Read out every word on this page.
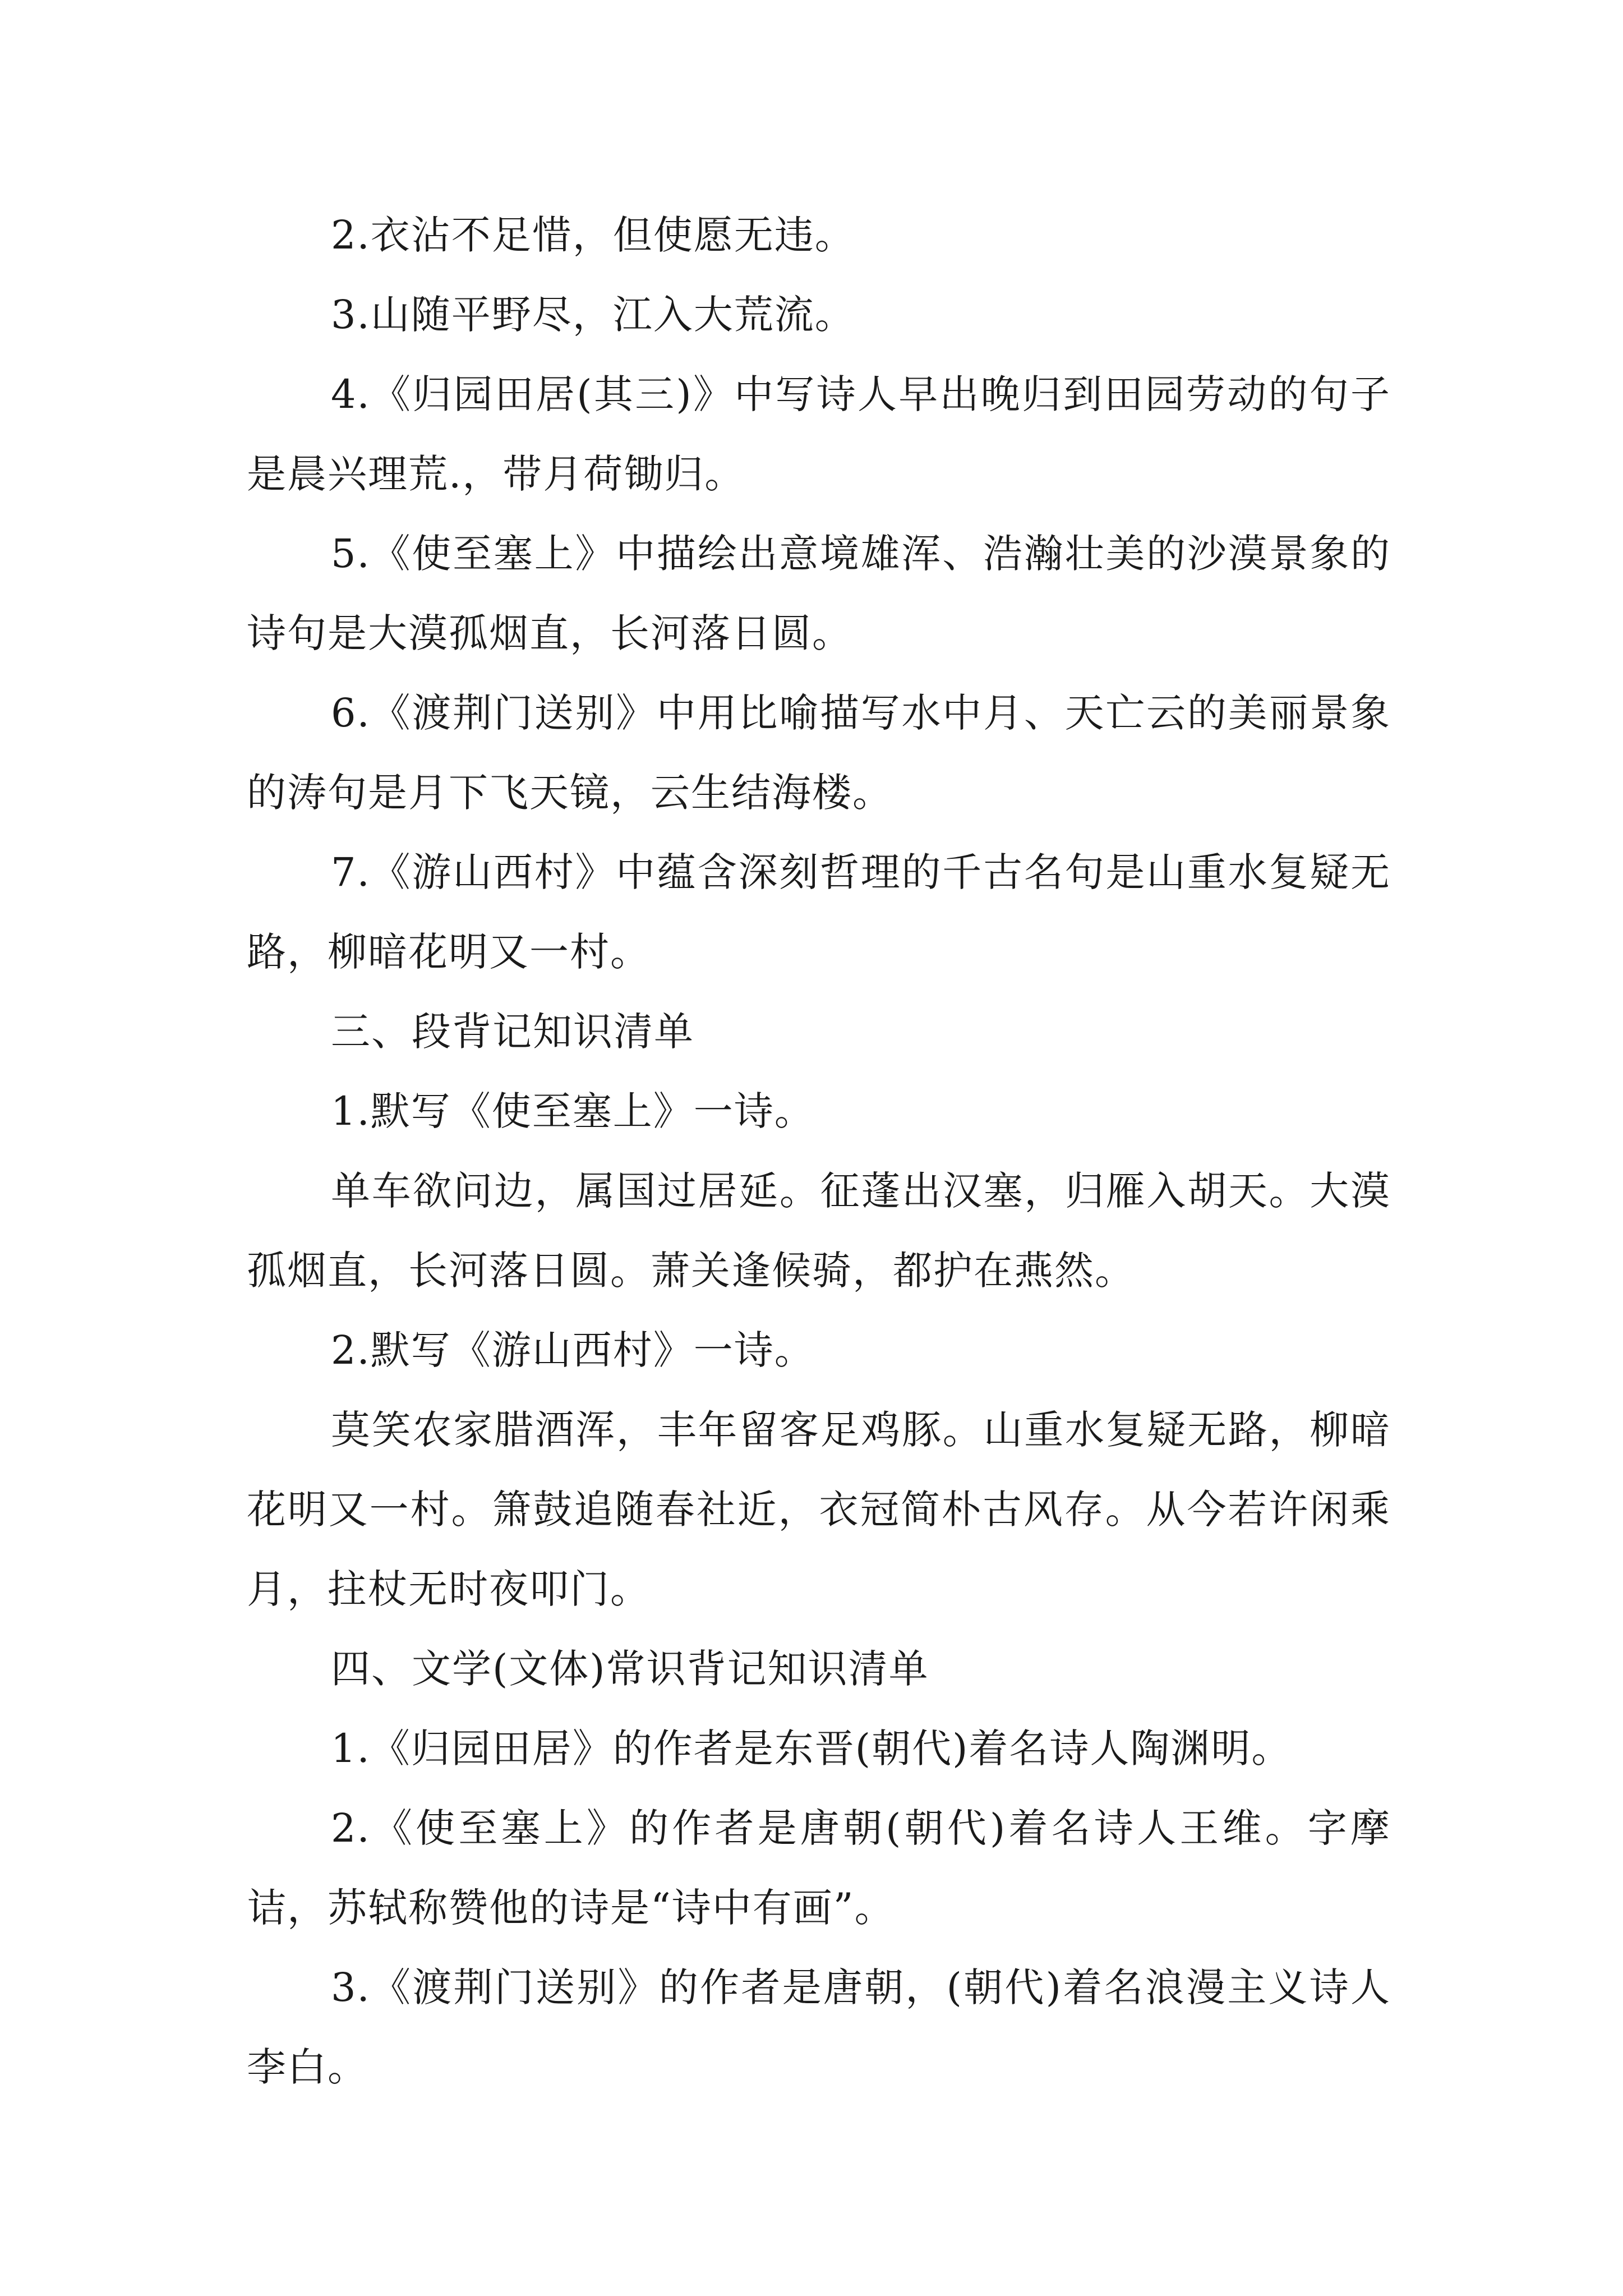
2.衣沾不足惜，但使愿无违。

3.山随平野尽，江入大荒流。

4.《归园田居(其三)》中写诗人早出晚归到田园劳动的句子是晨兴理荒.，带月荷锄归。

5.《使至塞上》中描绘出意境雄浑、浩瀚壮美的沙漠景象的诗句是大漠孤烟直，长河落日圆。

6.《渡荆门送别》中用比喻描写水中月、天亡云的美丽景象的涛句是月下飞天镜，云生结海楼。

7.《游山西村》中蕴含深刻哲理的千古名句是山重水复疑无路，柳暗花明又一村。

三、段背记知识清单

1.默写《使至塞上》一诗。

单车欲问边，属国过居延。征蓬出汉塞，归雁入胡天。大漠孤烟直，长河落日圆。萧关逢候骑，都护在燕然。

2.默写《游山西村》一诗。

莫笑农家腊酒浑，丰年留客足鸡豚。山重水复疑无路，柳暗花明又一村。箫鼓追随春社近，衣冠简朴古风存。从今若许闲乘月，拄杖无时夜叩门。

四、文学(文体)常识背记知识清单

1.《归园田居》的作者是东晋(朝代)着名诗人陶渊明。

2.《使至塞上》的作者是唐朝(朝代)着名诗人王维。字摩诘，苏轼称赞他的诗是“诗中有画”。

3.《渡荆门送别》的作者是唐朝，(朝代)着名浪漫主义诗人李白。
